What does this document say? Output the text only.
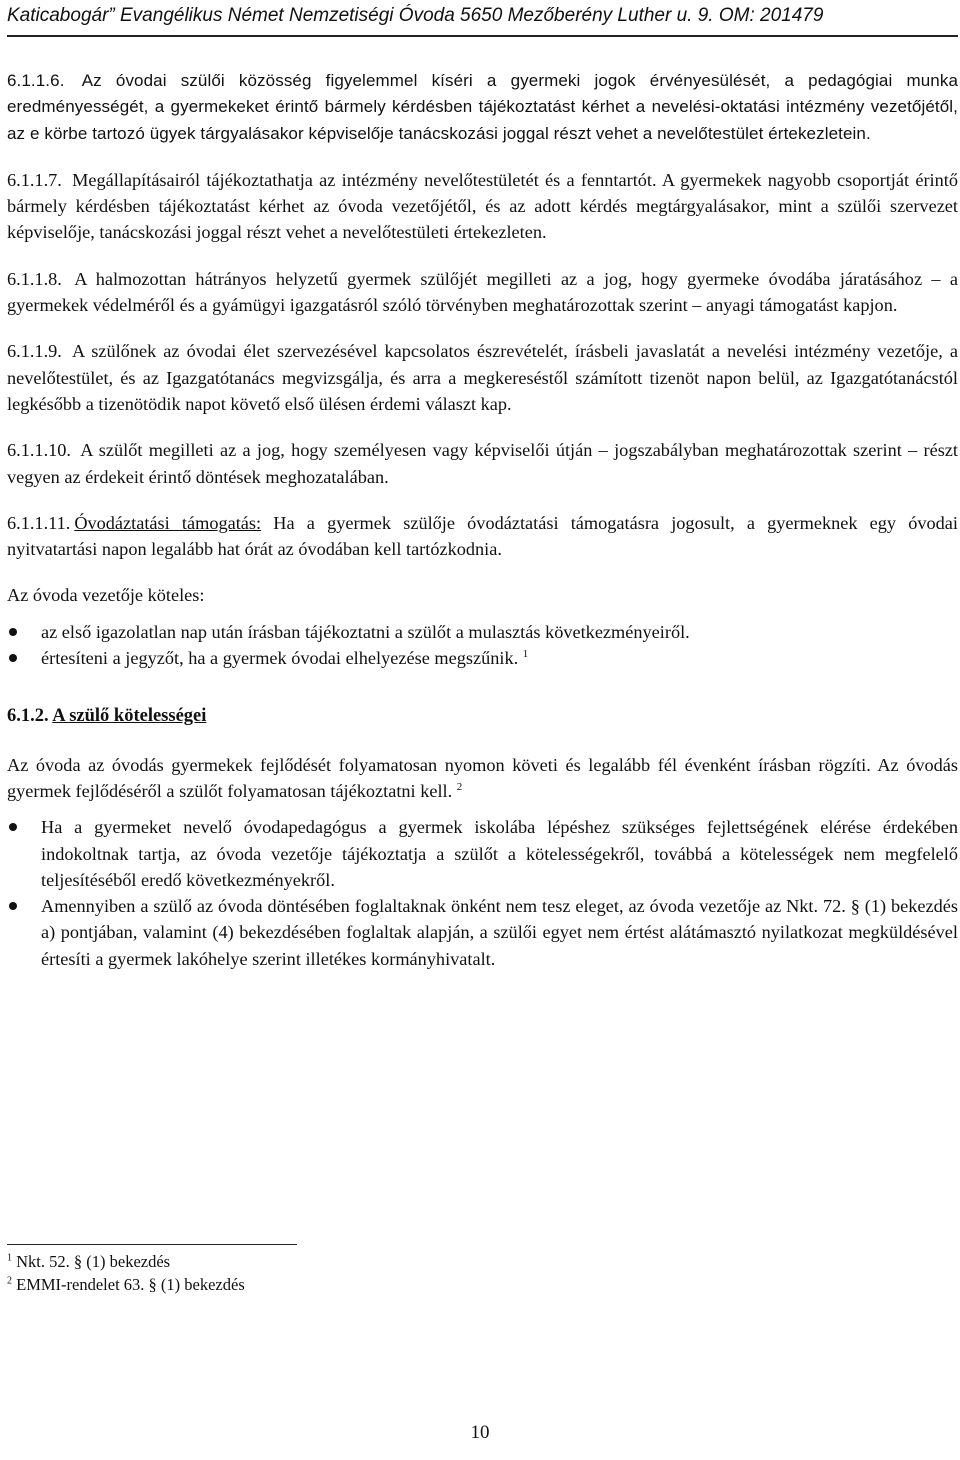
Katicabogár” Evangélikus Német Nemzetiségi Óvoda 5650 Mezőberény Luther u. 9. OM: 201479

6.1.1.6. Az óvodai szülői közösség figyelemmel kíséri a gyermeki jogok érvényesülését, a pedagógiai munka eredményességét, a gyermekeket érintő bármely kérdésben tájékoztatást kérhet a nevelési-oktatási intézmény vezetőjétől, az e körbe tartozó ügyek tárgyalásakor képviselője tanácskozási joggal részt vehet a nevelőtestület értekezletein.

6.1.1.7. Megállapításairól tájékoztathatja az intézmény nevelőtestületét és a fenntartót. A gyermekek nagyobb csoportját érintő bármely kérdésben tájékoztatást kérhet az óvoda vezetőjétől, és az adott kérdés megtárgyalásakor, mint a szülői szervezet képviselője, tanácskozási joggal részt vehet a nevelőtestületi értekezleten.

6.1.1.8. A halmozottan hátrányos helyzetű gyermek szülőjét megilleti az a jog, hogy gyermeke óvodába járatásához – a gyermekek védelméről és a gyámügyi igazgatásról szóló törvényben meghatározottak szerint – anyagi támogatást kapjon.

6.1.1.9. A szülőnek az óvodai élet szervezésével kapcsolatos észrevételét, írásbeli javaslatát a nevelési intézmény vezetője, a nevelőtestület, és az Igazgatótanács megvizsgálja, és arra a megkereséstől számított tizenöt napon belül, az Igazgatótanácstól legkésőbb a tizenötödik napot követő első ülésen érdemi választ kap.

6.1.1.10. A szülőt megilleti az a jog, hogy személyesen vagy képviselői útján – jogszabályban meghatározottak szerint – részt vegyen az érdekeit érintő döntések meghozatalában.

6.1.1.11. Óvodáztatási támogatás: Ha a gyermek szülője óvodáztatási támogatásra jogosult, a gyermeknek egy óvodai nyitvatartási napon legalább hat órát az óvodában kell tartózkodnia.

Az óvoda vezetője köteles:

az első igazolatlan nap után írásban tájékoztatni a szülőt a mulasztás következményeiről.
értesíteni a jegyzőt, ha a gyermek óvodai elhelyezése megszűnik. $^1$
6.1.2. A szülő kötelességei

Az óvoda az óvodás gyermekek fejlődését folyamatosan nyomon követi és legalább fél évenként írásban rögzíti. Az óvodás gyermek fejlődéséről a szülőt folyamatosan tájékoztatni kell. $^2$

Ha a gyermeket nevelő óvodapedagógus a gyermek iskolába lépéshez szükséges fejlettségének elérése érdekében indokoltnak tartja, az óvoda vezetője tájékoztatja a szülőt a kötelességekről, továbbá a kötelességek nem megfelelő teljesítéséből eredő következményekről.
Amennyiben a szülő az óvoda döntésében foglaltaknak önként nem tesz eleget, az óvoda vezetője az Nkt. 72. § (1) bekezdés a) pontjában, valamint (4) bekezdésében foglaltak alapján, a szülői egyet nem értést alátámasztó nyilatkozat megküldésével értesíti a gyermek lakóhelye szerint illetékes kormányhivatalt.
$^1$ Nkt. 52. § (1) bekezdés
$^2$ EMMI-rendelet 63. § (1) bekezdés
10
